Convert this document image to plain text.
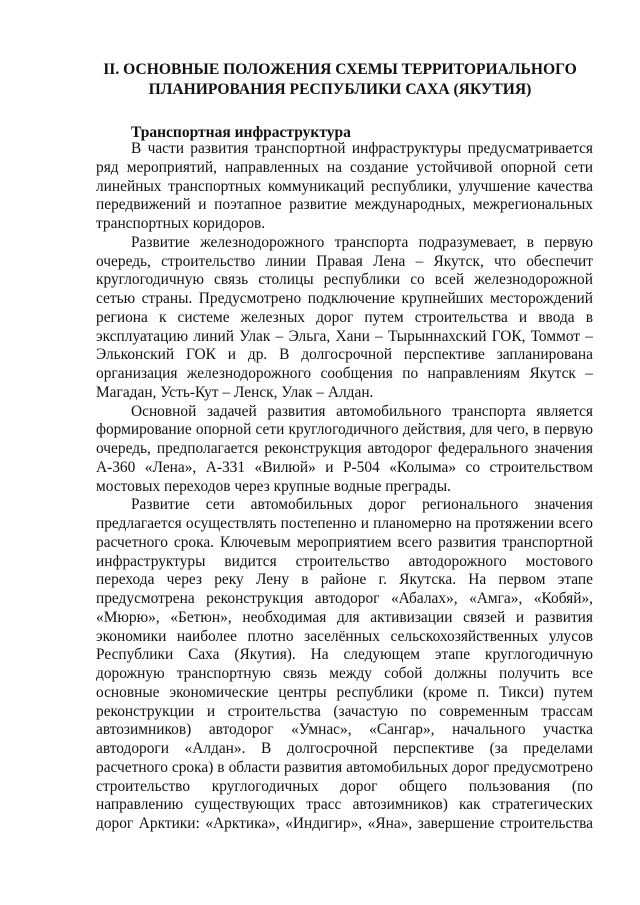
II. ОСНОВНЫЕ ПОЛОЖЕНИЯ СХЕМЫ ТЕРРИТОРИАЛЬНОГО
ПЛАНИРОВАНИЯ РЕСПУБЛИКИ САХА (ЯКУТИЯ)
Транспортная инфраструктура

В части развития транспортной инфраструктуры предусматривается ряд мероприятий, направленных на создание устойчивой опорной сети линейных транспортных коммуникаций республики, улучшение качества передвижений и поэтапное развитие международных, межрегиональных транспортных коридоров.

Развитие железнодорожного транспорта подразумевает, в первую очередь, строительство линии Правая Лена – Якутск, что обеспечит круглогодичную связь столицы республики со всей железнодорожной сетью страны. Предусмотрено подключение крупнейших месторождений региона к системе железных дорог путем строительства и ввода в эксплуатацию линий Улак – Эльга, Хани – Тырыннахский ГОК, Томмот – Эльконский ГОК и др. В долгосрочной перспективе запланирована организация железнодорожного сообщения по направлениям Якутск – Магадан, Усть-Кут – Ленск, Улак – Алдан.

Основной задачей развития автомобильного транспорта является формирование опорной сети круглогодичного действия, для чего, в первую очередь, предполагается реконструкция автодорог федерального значения А-360 «Лена», А-331 «Вилюй» и Р-504 «Колыма» со строительством мостовых переходов через крупные водные преграды.

Развитие сети автомобильных дорог регионального значения предлагается осуществлять постепенно и планомерно на протяжении всего расчетного срока. Ключевым мероприятием всего развития транспортной инфраструктуры видится строительство автодорожного мостового перехода через реку Лену в районе г. Якутска. На первом этапе предусмотрена реконструкция автодорог «Абалах», «Амга», «Кобяй», «Мюрю», «Бетюн», необходимая для активизации связей и развития экономики наиболее плотно заселённых сельскохозяйственных улусов Республики Саха (Якутия). На следующем этапе круглогодичную дорожную транспортную связь между собой должны получить все основные экономические центры республики (кроме п. Тикси) путем реконструкции и строительства (зачастую по современным трассам автозимников) автодорог «Умнас», «Сангар», начального участка автодороги «Алдан». В долгосрочной перспективе (за пределами расчетного срока) в области развития автомобильных дорог предусмотрено строительство круглогодичных дорог общего пользования (по направлению существующих трасс автозимников) как стратегических дорог Арктики: «Арктика», «Индигир», «Яна», завершение строительства
